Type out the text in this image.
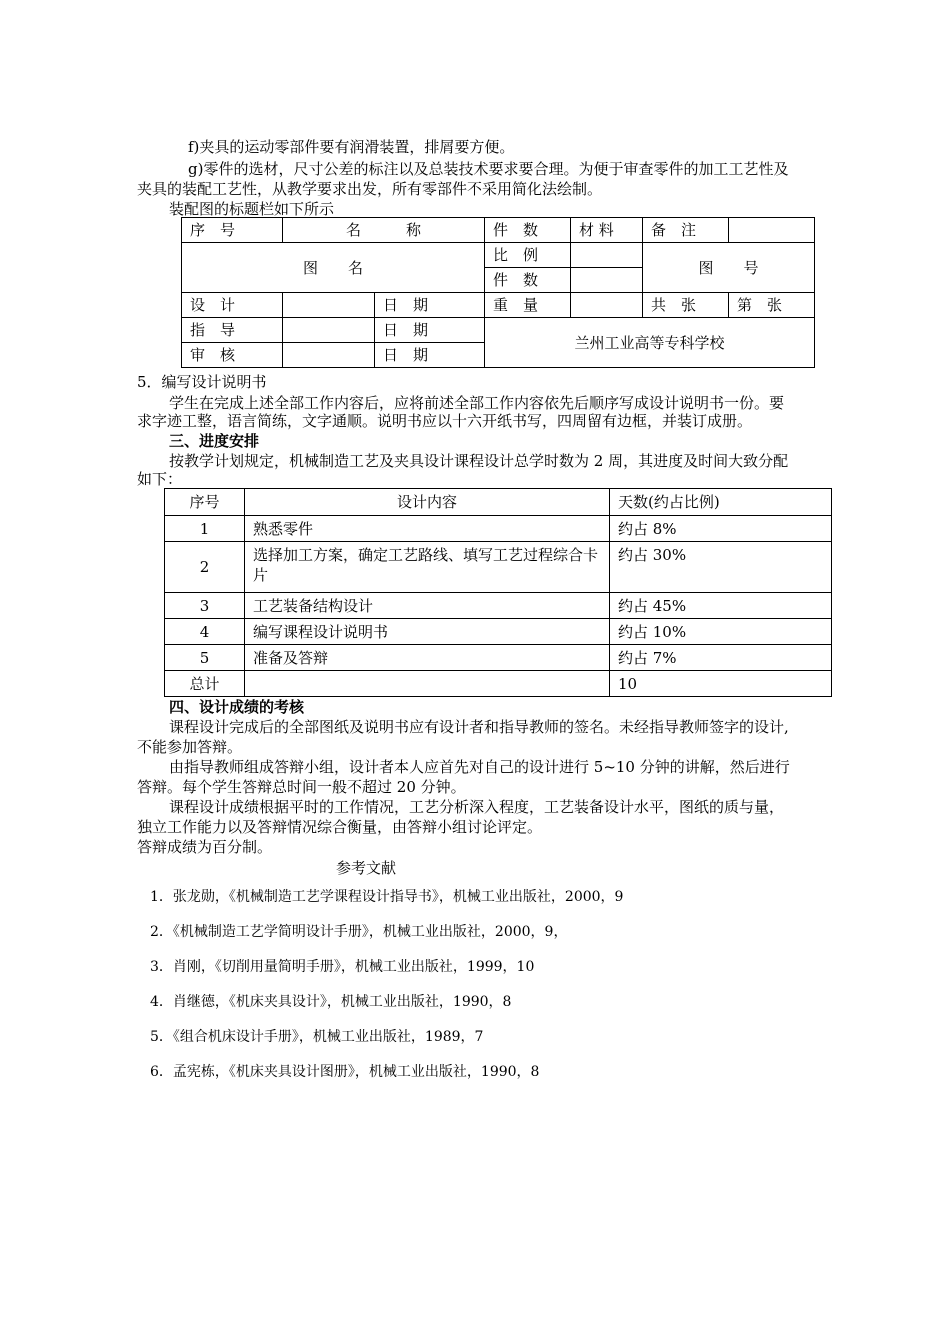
f)夹具的运动零部件要有润滑装置，排屑要方便。
g)零件的选材，尺寸公差的标注以及总装技术要求要合理。为便于审查零件的加工工艺性及
夹具的装配工艺性，从教学要求出发，所有零部件不采用简化法绘制。
装配图的标题栏如下所示
序　号	名　　　称		件　数	材 料	备　注	
图　　名			比　例		图　　号	
			件　数			
设　计		日　期	重　量		共　张	第　张
指　导		日　期	兰州工业高等专科学校			
审　核		日　期				
5．编写设计说明书
学生在完成上述全部工作内容后，应将前述全部工作内容依先后顺序写成设计说明书一份。要
求字迹工整，语言简练，文字通顺。说明书应以十六开纸书写，四周留有边框，并装订成册。
三、进度安排
按教学计划规定，机械制造工艺及夹具设计课程设计总学时数为 2 周，其进度及时间大致分配
如下：
序号	设计内容	天数(约占比例)
1	熟悉零件	约占 8%
2	选择加工方案，确定工艺路线、填写工艺过程综合卡片	约占 30%
3	工艺装备结构设计	约占 45%
4	编写课程设计说明书	约占 10%
5	准备及答辩	约占 7%
总计		10
四、设计成绩的考核
课程设计完成后的全部图纸及说明书应有设计者和指导教师的签名。未经指导教师签字的设计,
不能参加答辩。
由指导教师组成答辩小组，设计者本人应首先对自己的设计进行 5~10 分钟的讲解，然后进行
答辩。每个学生答辩总时间一般不超过 20 分钟。
课程设计成绩根据平时的工作情况，工艺分析深入程度，工艺装备设计水平，图纸的质与量，
独立工作能力以及答辩情况综合衡量，由答辩小组讨论评定。
答辩成绩为百分制。
参考文献
1．张龙勋，《机械制造工艺学课程设计指导书》，机械工业出版社，2000，9
2．《机械制造工艺学简明设计手册》，机械工业出版社，2000，9，
3．肖刚，《切削用量简明手册》，机械工业出版社，1999，10
4．肖继德，《机床夹具设计》，机械工业出版社，1990，8
5．《组合机床设计手册》，机械工业出版社，1989，7
6．孟宪栋，《机床夹具设计图册》，机械工业出版社，1990，8
